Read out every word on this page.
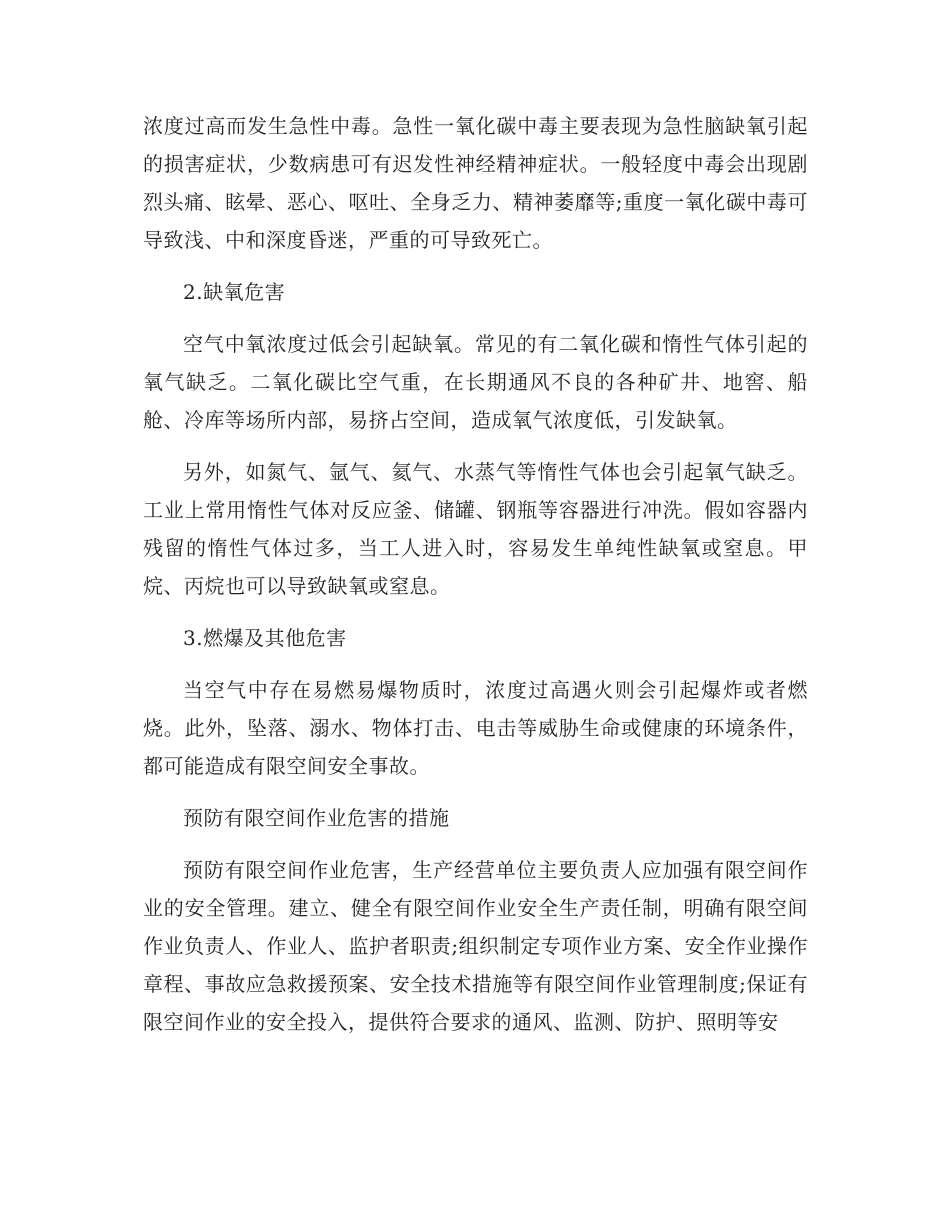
浓度过高而发生急性中毒。急性一氧化碳中毒主要表现为急性脑缺氧引起的损害症状，少数病患可有迟发性神经精神症状。一般轻度中毒会出现剧烈头痛、眩晕、恶心、呕吐、全身乏力、精神萎靡等;重度一氧化碳中毒可导致浅、中和深度昏迷，严重的可导致死亡。

2.缺氧危害

空气中氧浓度过低会引起缺氧。常见的有二氧化碳和惰性气体引起的氧气缺乏。二氧化碳比空气重，在长期通风不良的各种矿井、地窖、船舱、冷库等场所内部，易挤占空间，造成氧气浓度低，引发缺氧。

另外，如氮气、氩气、氦气、水蒸气等惰性气体也会引起氧气缺乏。工业上常用惰性气体对反应釜、储罐、钢瓶等容器进行冲洗。假如容器内残留的惰性气体过多，当工人进入时，容易发生单纯性缺氧或窒息。甲烷、丙烷也可以导致缺氧或窒息。

3.燃爆及其他危害

当空气中存在易燃易爆物质时，浓度过高遇火则会引起爆炸或者燃烧。此外，坠落、溺水、物体打击、电击等威胁生命或健康的环境条件，都可能造成有限空间安全事故。

预防有限空间作业危害的措施

预防有限空间作业危害，生产经营单位主要负责人应加强有限空间作业的安全管理。建立、健全有限空间作业安全生产责任制，明确有限空间作业负责人、作业人、监护者职责;组织制定专项作业方案、安全作业操作章程、事故应急救援预案、安全技术措施等有限空间作业管理制度;保证有限空间作业的安全投入，提供符合要求的通风、监测、防护、照明等安
